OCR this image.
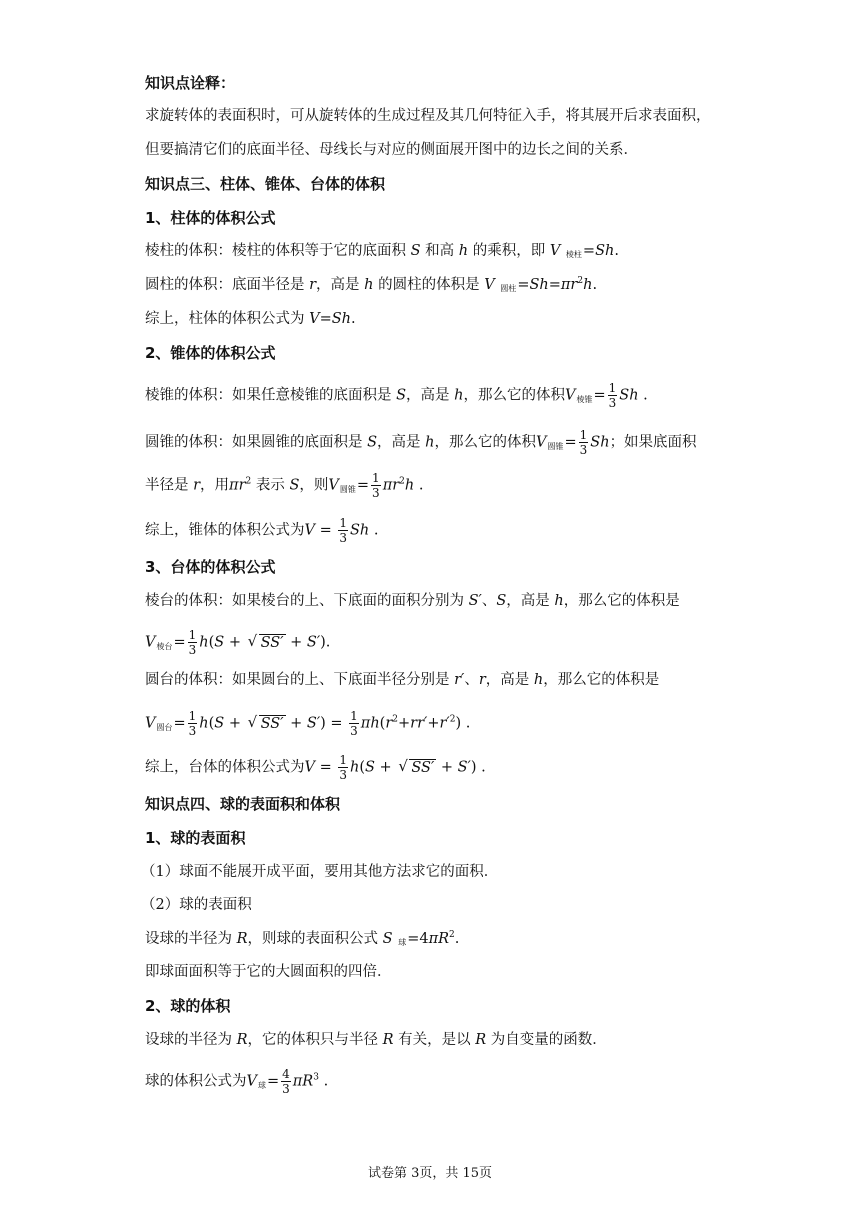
知识点诠释：
求旋转体的表面积时，可从旋转体的生成过程及其几何特征入手，将其展开后求表面积，
但要搞清它们的底面半径、母线长与对应的侧面展开图中的边长之间的关系．
知识点三、柱体、锥体、台体的体积
1、柱体的体积公式
棱柱的体积：棱柱的体积等于它的底面积 S 和高 h 的乘积，即 V $_{棱柱}$=Sh.
圆柱的体积：底面半径是 r，高是 h 的圆柱的体积是 V $_{圆柱}=Sh=\pi r^2h$.
综上，柱体的体积公式为 V=Sh.
2、锥体的体积公式
棱锥的体积：如果任意棱锥的底面积是 S，高是 h，那么它的体积$V_{棱锥}= \frac{1}{3}$ Sh .
圆锥的体积：如果圆锥的底面积是 S，高是 h，那么它的体积$V_{圆锥}= \frac{1}{3}$ Sh；如果底面积
半径是 r，用$\pi r^2$ 表示 S，则$V_{圆锥}= \frac{1}{3} \pi r^2h$ .
综上，锥体的体积公式为$V = \frac{1}{3}$ Sh .
3、台体的体积公式
棱台的体积：如果棱台的上、下底面的面积分别为 S′、S，高是 h，那么它的体积是
$V_{棱台}= \frac{1}{3} h(S$ + √ SS′ + S′).
圆台的体积：如果圆台的上、下底面半径分别是 r′、r，高是 h，那么它的体积是
$V_{圆台}= \frac{1}{3} h(S$ + √ $SS' + S') = \frac{1}{3} \pi h(r^2+rr'+r'^2)$ .
综上，台体的体积公式为$V = \frac{1}{3} h(S$ + √ SS′ + S′) .
知识点四、球的表面积和体积
1、球的表面积
（1）球面不能展开成平面，要用其他方法求它的面积．
（2）球的表面积
设球的半径为 R，则球的表面积公式 S $_球=4\pi R^2$.
即球面面积等于它的大圆面积的四倍．
2、球的体积
设球的半径为 R，它的体积只与半径 R 有关，是以 R 为自变量的函数．
球的体积公式为$V_球= \frac{4}{3} \pi R^3$ .
试卷第 3页，共 15页
